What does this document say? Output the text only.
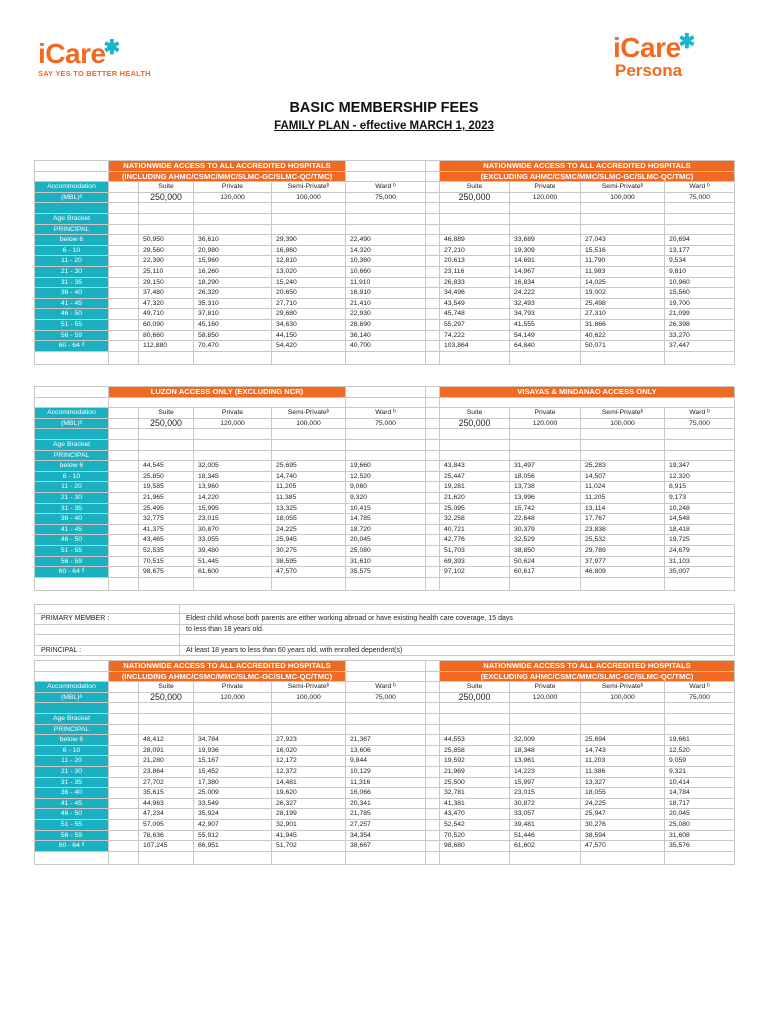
iCare✱
SAY YES TO BETTER HEALTH
iCare✱
Persona
BASIC MEMBERSHIP FEES
FAMILY PLAN - effective MARCH 1, 2023
NATIONWIDE ACCESS TO ALL ACCREDITED HOSPITALS	NATIONWIDE ACCESS TO ALL ACCREDITED HOSPITALS
(INCLUDING AHMC/CSMC/MMC/SLMC-GC/SLMC-QC/TMC)	(EXCLUDING AHMC/CSMC/MMC/SLMC-GC/SLMC-QC/TMC)
Accommodation	Suite	Private	Semi-Privateᵇ	Ward ᵇ	Suite	Private	Semi-Privateᵇ	Ward ᵇ
(MBL)ᵃ	250,000	120,000	100,000	75,000	250,000	120,000	100,000	75,000
Age Bracket
PRINCIPAL
below 6	50,950	36,610	29,390	22,490	46,889	33,689	27,043	20,694
6 - 10	29,560	20,980	16,860	14,320	27,210	19,309	15,516	13,177
11 - 20	22,390	15,960	12,810	10,360	20,613	14,691	11,790	9,534
21 - 30	25,110	16,260	13,020	10,660	23,116	14,967	11,983	9,810
31 - 35	29,150	18,290	15,240	11,910	26,833	16,834	14,025	10,960
36 - 40	37,480	26,320	20,650	16,910	34,496	24,222	19,002	15,560
41 - 45	47,320	35,310	27,710	21,410	43,549	32,493	25,498	19,700
46 - 50	49,710	37,810	29,680	22,930	45,748	34,793	27,310	21,099
51 - 55	60,090	45,160	34,630	28,690	55,297	41,555	31,866	26,398
56 - 59	80,660	58,850	44,150	36,140	74,222	54,149	40,622	33,270
60 - 64 ᵈ	112,880	70,470	54,420	40,700	103,864	64,840	50,071	37,447
LUZON ACCESS ONLY (EXCLUDING NCR)	VISAYAS & MINDANAO ACCESS ONLY
Accommodation	Suite	Private	Semi-Privateᵇ	Ward ᵇ	Suite	Private	Semi-Privateᵇ	Ward ᵇ
(MBL)ᵃ	250,000	120,000	100,000	75,000	250,000	120,000	100,000	75,000
Age Bracket
PRINCIPAL
below 6	44,545	32,005	25,695	19,660	43,843	31,497	25,283	19,347
6 - 10	25,850	18,345	14,740	12,520	25,447	18,056	14,507	12,320
11 - 20	19,585	13,960	11,205	9,060	19,281	13,738	11,024	8,915
21 - 30	21,965	14,220	11,385	9,320	21,620	13,996	11,205	9,173
31 - 35	25,495	15,995	13,325	10,415	25,095	15,742	13,114	10,248
36 - 40	32,775	23,015	18,055	14,785	32,258	22,648	17,767	14,548
41 - 45	41,375	30,870	24,225	18,720	40,721	30,379	23,838	18,418
46 - 50	43,465	33,055	25,945	20,045	42,776	32,529	25,532	19,725
51 - 55	52,535	39,480	30,275	25,080	51,703	38,850	29,789	24,679
56 - 59	70,515	51,445	38,595	31,610	69,393	50,624	37,977	31,103
60 - 64 ᵈ	98,675	61,600	47,570	35,575	97,102	60,617	46,809	35,007
PRIMARY MEMBER :	Eldest child whose both parents are either working abroad or have existing health care coverage, 15 days
to less than 18 years old.
PRINCIPAL :	At least 18 years to less than 60 years old, with enrolled dependent(s)
NATIONWIDE ACCESS TO ALL ACCREDITED HOSPITALS	NATIONWIDE ACCESS TO ALL ACCREDITED HOSPITALS
(INCLUDING AHMC/CSMC/MMC/SLMC-GC/SLMC-QC/TMC)	(EXCLUDING AHMC/CSMC/MMC/SLMC-GC/SLMC-QC/TMC)
Accommodation	Suite	Private	Semi-Privateᵇ	Ward ᵇ	Suite	Private	Semi-Privateᵇ	Ward ᵇ
(MBL)ᵃ	250,000	120,000	100,000	75,000	250,000	120,000	100,000	75,000
Age Bracket
PRINCIPAL
below 6	48,412	34,784	27,923	21,367	44,553	32,009	25,694	19,661
6 - 10	28,091	19,936	16,020	13,606	25,858	18,348	14,743	12,520
11 - 20	21,280	15,167	12,172	9,844	19,592	13,961	11,203	9,059
21 - 30	23,864	15,452	12,372	10,129	21,969	14,223	11,386	9,321
31 - 35	27,702	17,380	14,481	11,316	25,500	15,997	13,327	10,414
36 - 40	35,615	25,009	19,620	16,066	32,781	23,015	18,055	14,784
41 - 45	44,963	33,549	26,327	20,341	41,381	30,872	24,225	18,717
46 - 50	47,234	35,924	28,199	21,785	43,470	33,057	25,947	20,045
51 - 55	57,095	42,907	32,901	27,257	52,542	39,481	30,276	25,080
56 - 59	76,636	55,912	41,945	34,354	70,520	51,446	38,594	31,608
60 - 64 ᵈ	107,245	66,951	51,702	38,667	98,680	61,602	47,570	35,576
